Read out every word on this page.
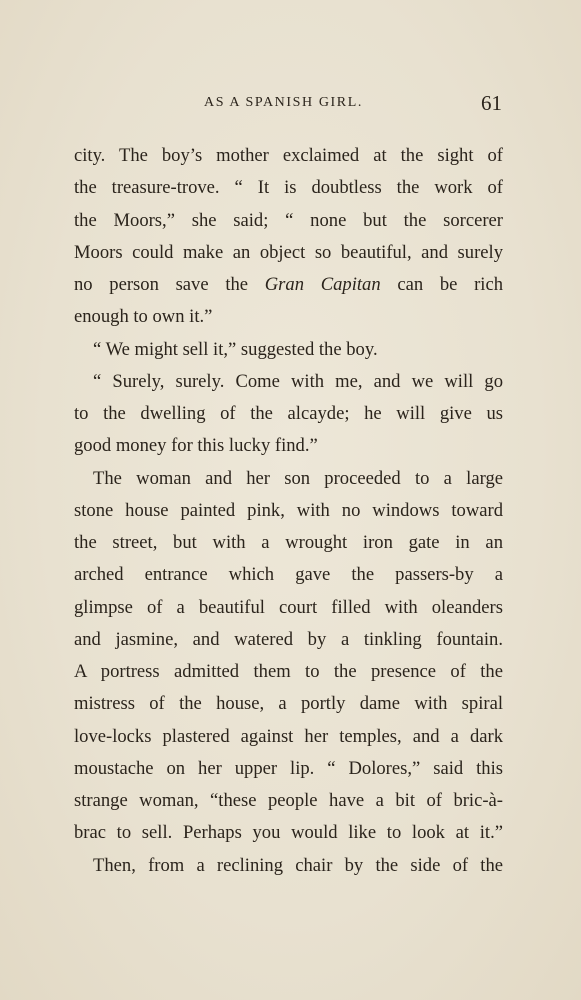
AS A SPANISH GIRL.	61
city. The boy’s mother exclaimed at the sight of
the treasure-trove. “ It is doubtless the work of
the Moors,” she said; “ none but the sorcerer
Moors could make an object so beautiful, and surely
no person save the Gran Capitan can be rich
enough to own it.”
“ We might sell it,” suggested the boy.
“ Surely, surely. Come with me, and we will go
to the dwelling of the alcayde; he will give us
good money for this lucky find.”
The woman and her son proceeded to a large
stone house painted pink, with no windows toward
the street, but with a wrought iron gate in an
arched entrance which gave the passers-by a
glimpse of a beautiful court filled with oleanders
and jasmine, and watered by a tinkling fountain.
A portress admitted them to the presence of the
mistress of the house, a portly dame with spiral
love-locks plastered against her temples, and a dark
moustache on her upper lip. “ Dolores,” said this
strange woman, “these people have a bit of bric-à-
brac to sell. Perhaps you would like to look at it.”
Then, from a reclining chair by the side of the
